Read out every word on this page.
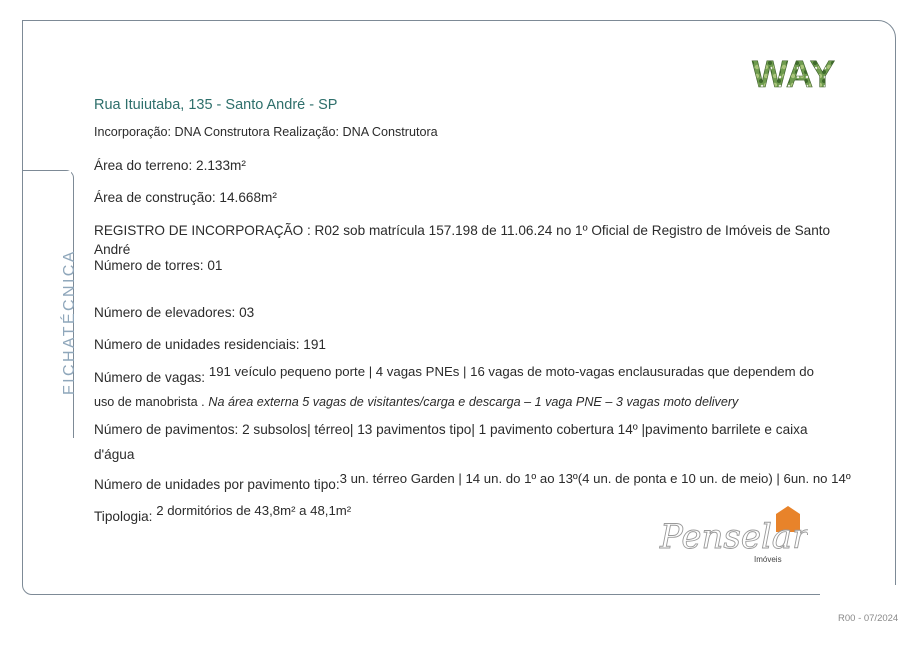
FICHATÉCNICA
WAY
Rua Ituiutaba, 135 - Santo André - SP
Incorporação: DNA Construtora Realização: DNA Construtora
Área do terreno: 2.133m²
Área de construção: 14.668m²
REGISTRO DE INCORPORAÇÃO : R02 sob matrícula 157.198 de 11.06.24 no 1º Oficial de Registro de Imóveis de Santo André
Número de torres: 01
Número de elevadores: 03
Número de unidades residenciais: 191
Número de vagas: 191 veículo pequeno porte | 4 vagas PNEs | 16 vagas de moto-vagas enclausuradas que dependem do
uso de manobrista . Na área externa 5 vagas de visitantes/carga e descarga – 1 vaga PNE – 3 vagas moto delivery
Número de pavimentos: 2 subsolos| térreo| 13 pavimentos tipo| 1 pavimento cobertura 14º |pavimento barrilete e caixa d'água
Número de unidades por pavimento tipo:3 un. térreo Garden | 14 un. do 1º ao 13º(4 un. de ponta e 10 un. de meio) | 6un. no 14º
Tipologia: 2 dormitórios de 43,8m² a 48,1m²
Penselar
Imóveis
R00 - 07/2024
